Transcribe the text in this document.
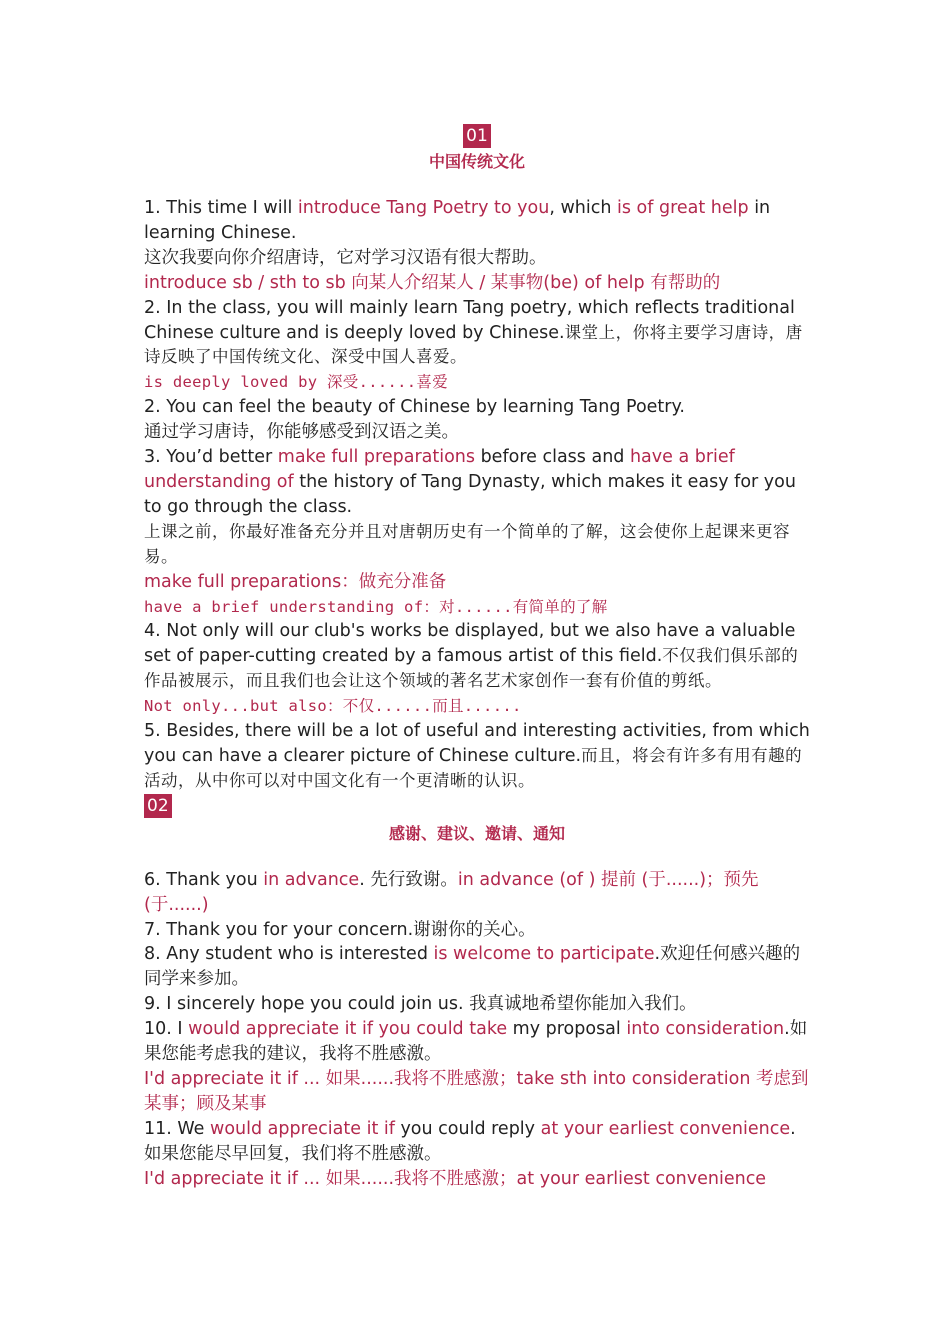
01
中国传统文化

1. This time I will introduce Tang Poetry to you, which is of great help in learning Chinese.

这次我要向你介绍唐诗，它对学习汉语有很大帮助。

introduce sb / sth to sb 向某人介绍某人 / 某事物(be) of help 有帮助的

2. In the class, you will mainly learn Tang poetry, which reflects traditional Chinese culture and is deeply loved by Chinese.课堂上，你将主要学习唐诗，唐诗反映了中国传统文化、深受中国人喜爱。

is deeply loved by 深受......喜爱

2. You can feel the beauty of Chinese by learning Tang Poetry.

通过学习唐诗，你能够感受到汉语之美。

3. You’d better make full preparations before class and have a brief understanding of the history of Tang Dynasty, which makes it easy for you to go through the class.

上课之前，你最好准备充分并且对唐朝历史有一个简单的了解，这会使你上起课来更容易。

make full preparations：做充分准备

have a brief understanding of：对......有简单的了解

4. Not only will our club's works be displayed, but we also have a valuable set of paper-cutting created by a famous artist of this field.不仅我们俱乐部的作品被展示，而且我们也会让这个领域的著名艺术家创作一套有价值的剪纸。

Not only...but also：不仅......而且......

5. Besides, there will be a lot of useful and interesting activities, from which you can have a clearer picture of Chinese culture.而且，将会有许多有用有趣的活动，从中你可以对中国文化有一个更清晰的认识。

02
感谢、建议、邀请、通知

6. Thank you in advance. 先行致谢。in advance (of ) 提前 (于......)；预先 (于......)

7. Thank you for your concern.谢谢你的关心。

8. Any student who is interested is welcome to participate.欢迎任何感兴趣的同学来参加。

9. I sincerely hope you could join us. 我真诚地希望你能加入我们。

10. I would appreciate it if you could take my proposal into consideration.如果您能考虑我的建议，我将不胜感激。

I'd appreciate it if ... 如果......我将不胜感激；take sth into consideration 考虑到某事；顾及某事

11. We would appreciate it if you could reply at your earliest convenience. 如果您能尽早回复，我们将不胜感激。

I'd appreciate it if ... 如果......我将不胜感激；at your earliest convenience
